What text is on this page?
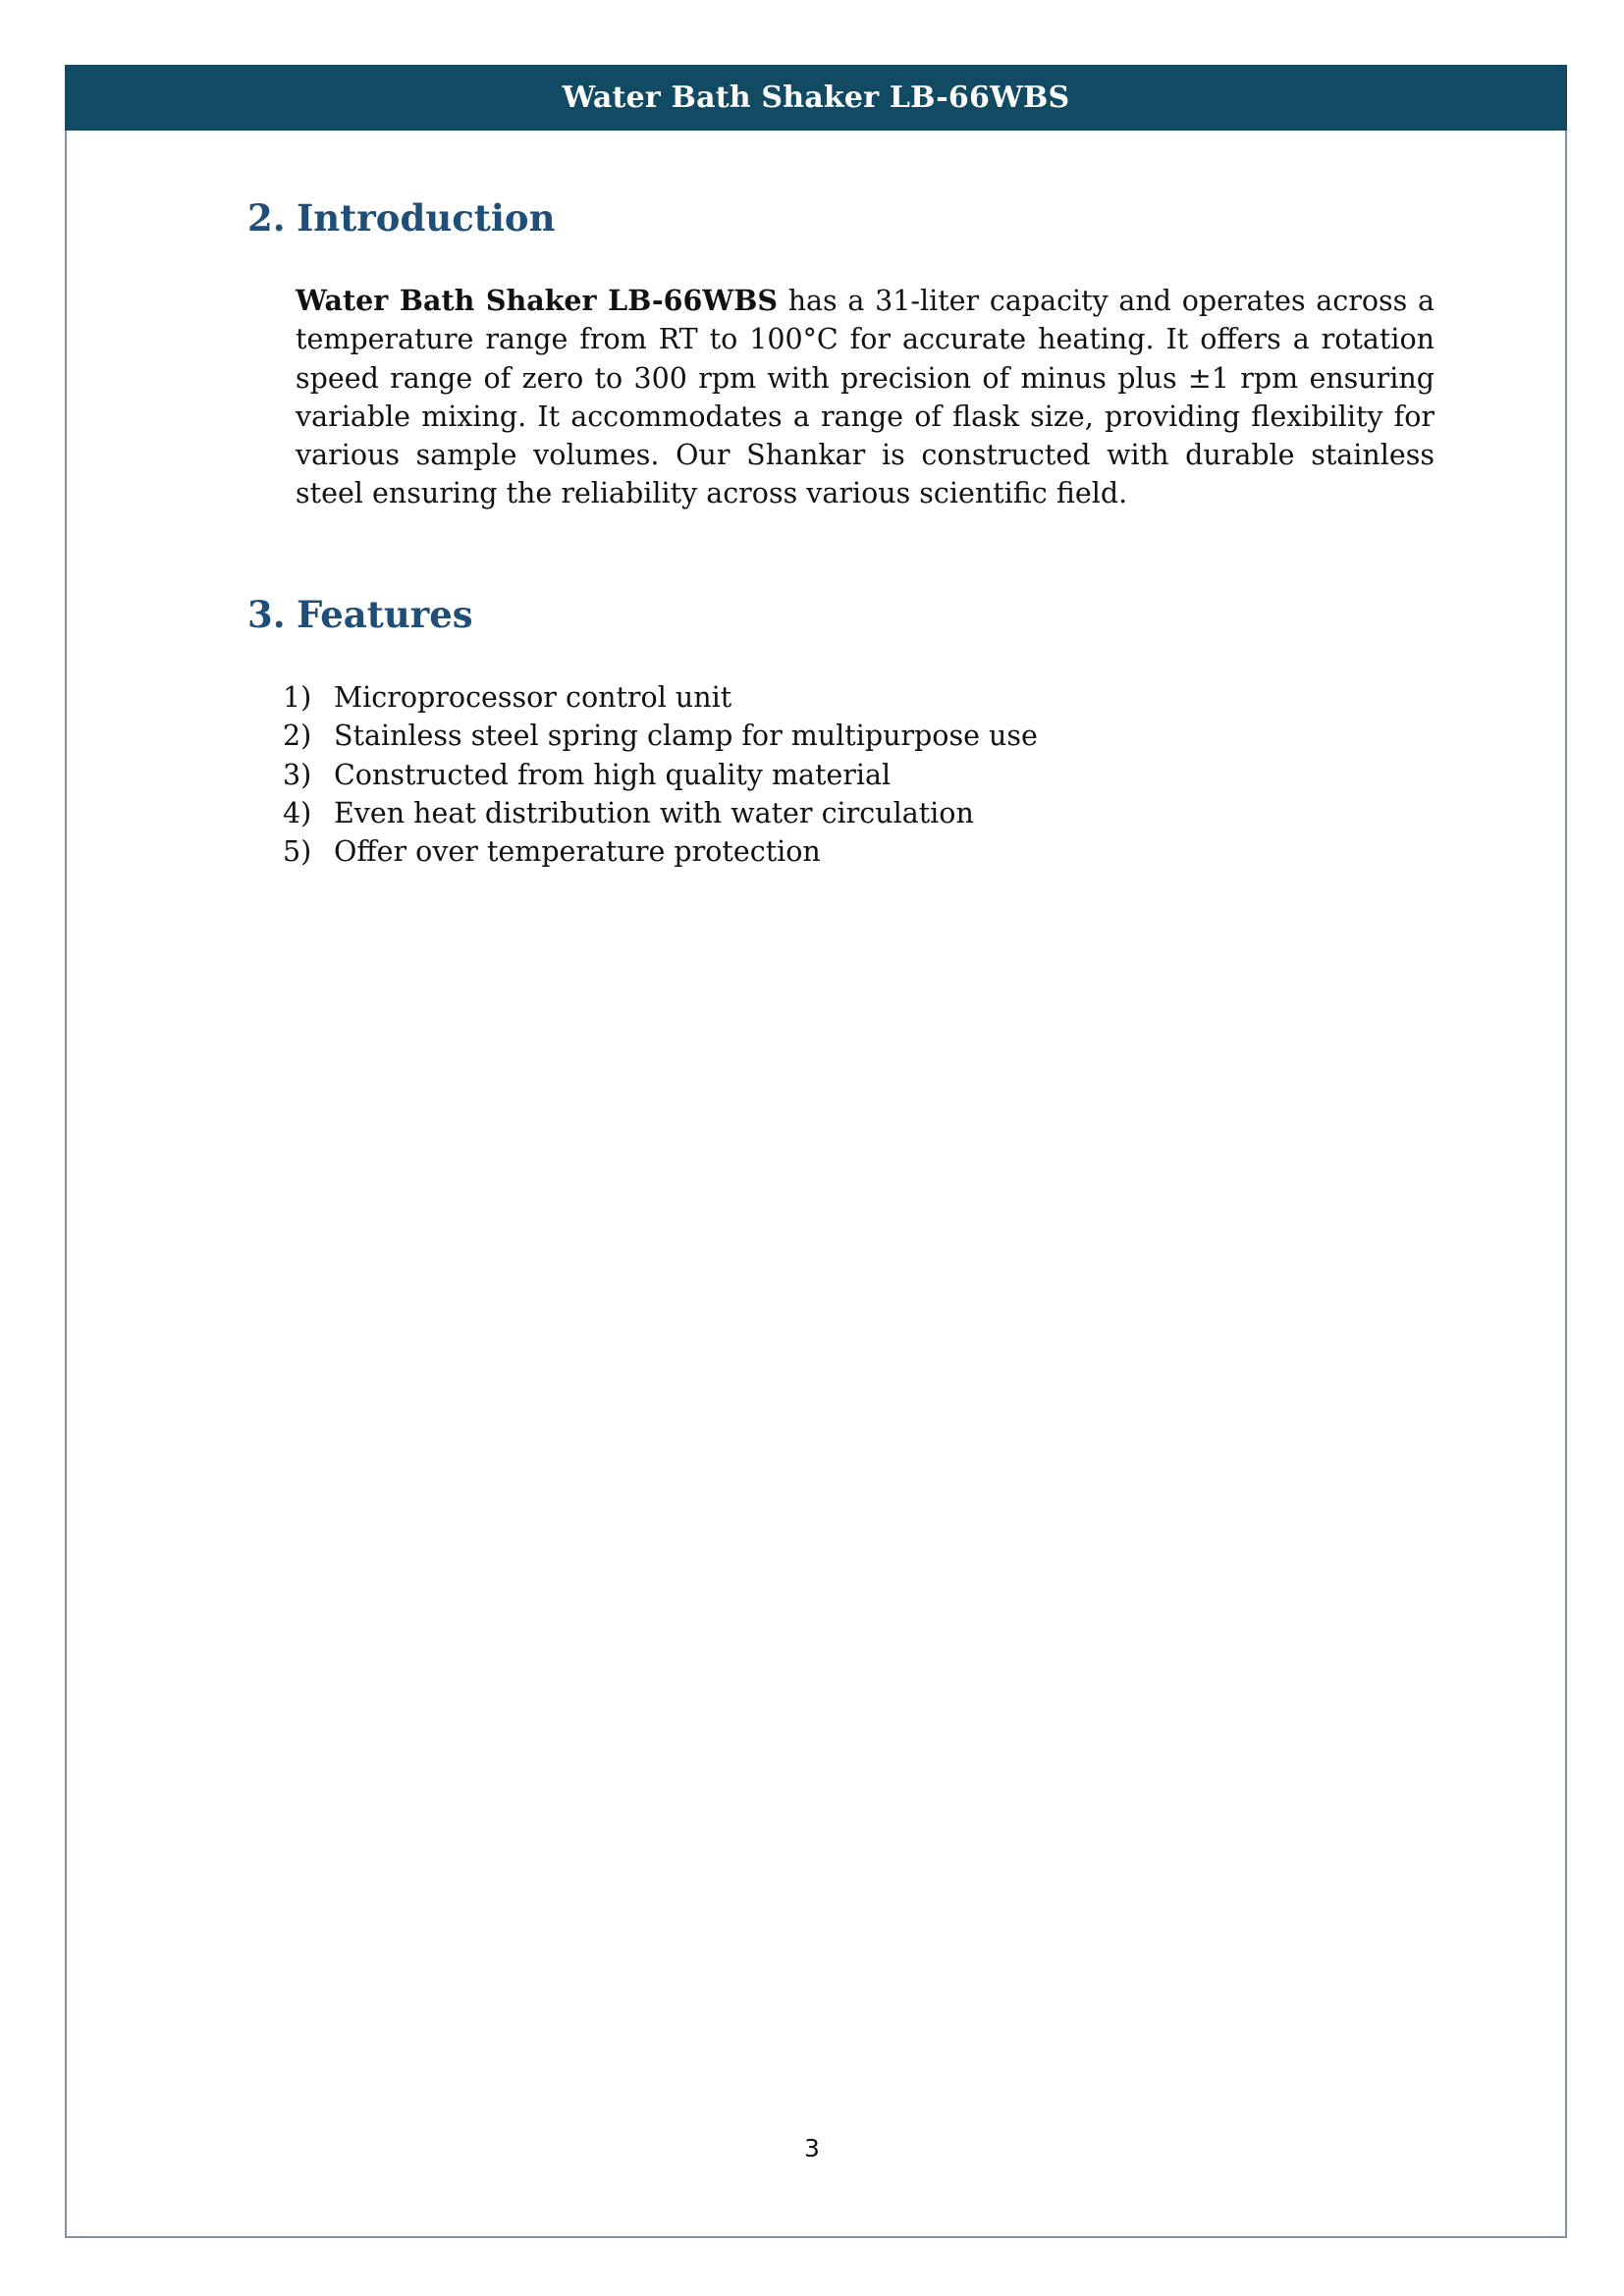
Water Bath Shaker LB-66WBS
2. Introduction

Water Bath Shaker LB-66WBS has a 31-liter capacity and operates across a temperature range from RT to 100°C for accurate heating. It offers a rotation speed range of zero to 300 rpm with precision of minus plus ±1 rpm ensuring variable mixing. It accommodates a range of flask size, providing flexibility for various sample volumes. Our Shankar is constructed with durable stainless steel ensuring the reliability across various scientific field.

3. Features
1) Microprocessor control unit
2) Stainless steel spring clamp for multipurpose use
3) Constructed from high quality material
4) Even heat distribution with water circulation
5) Offer over temperature protection
3
